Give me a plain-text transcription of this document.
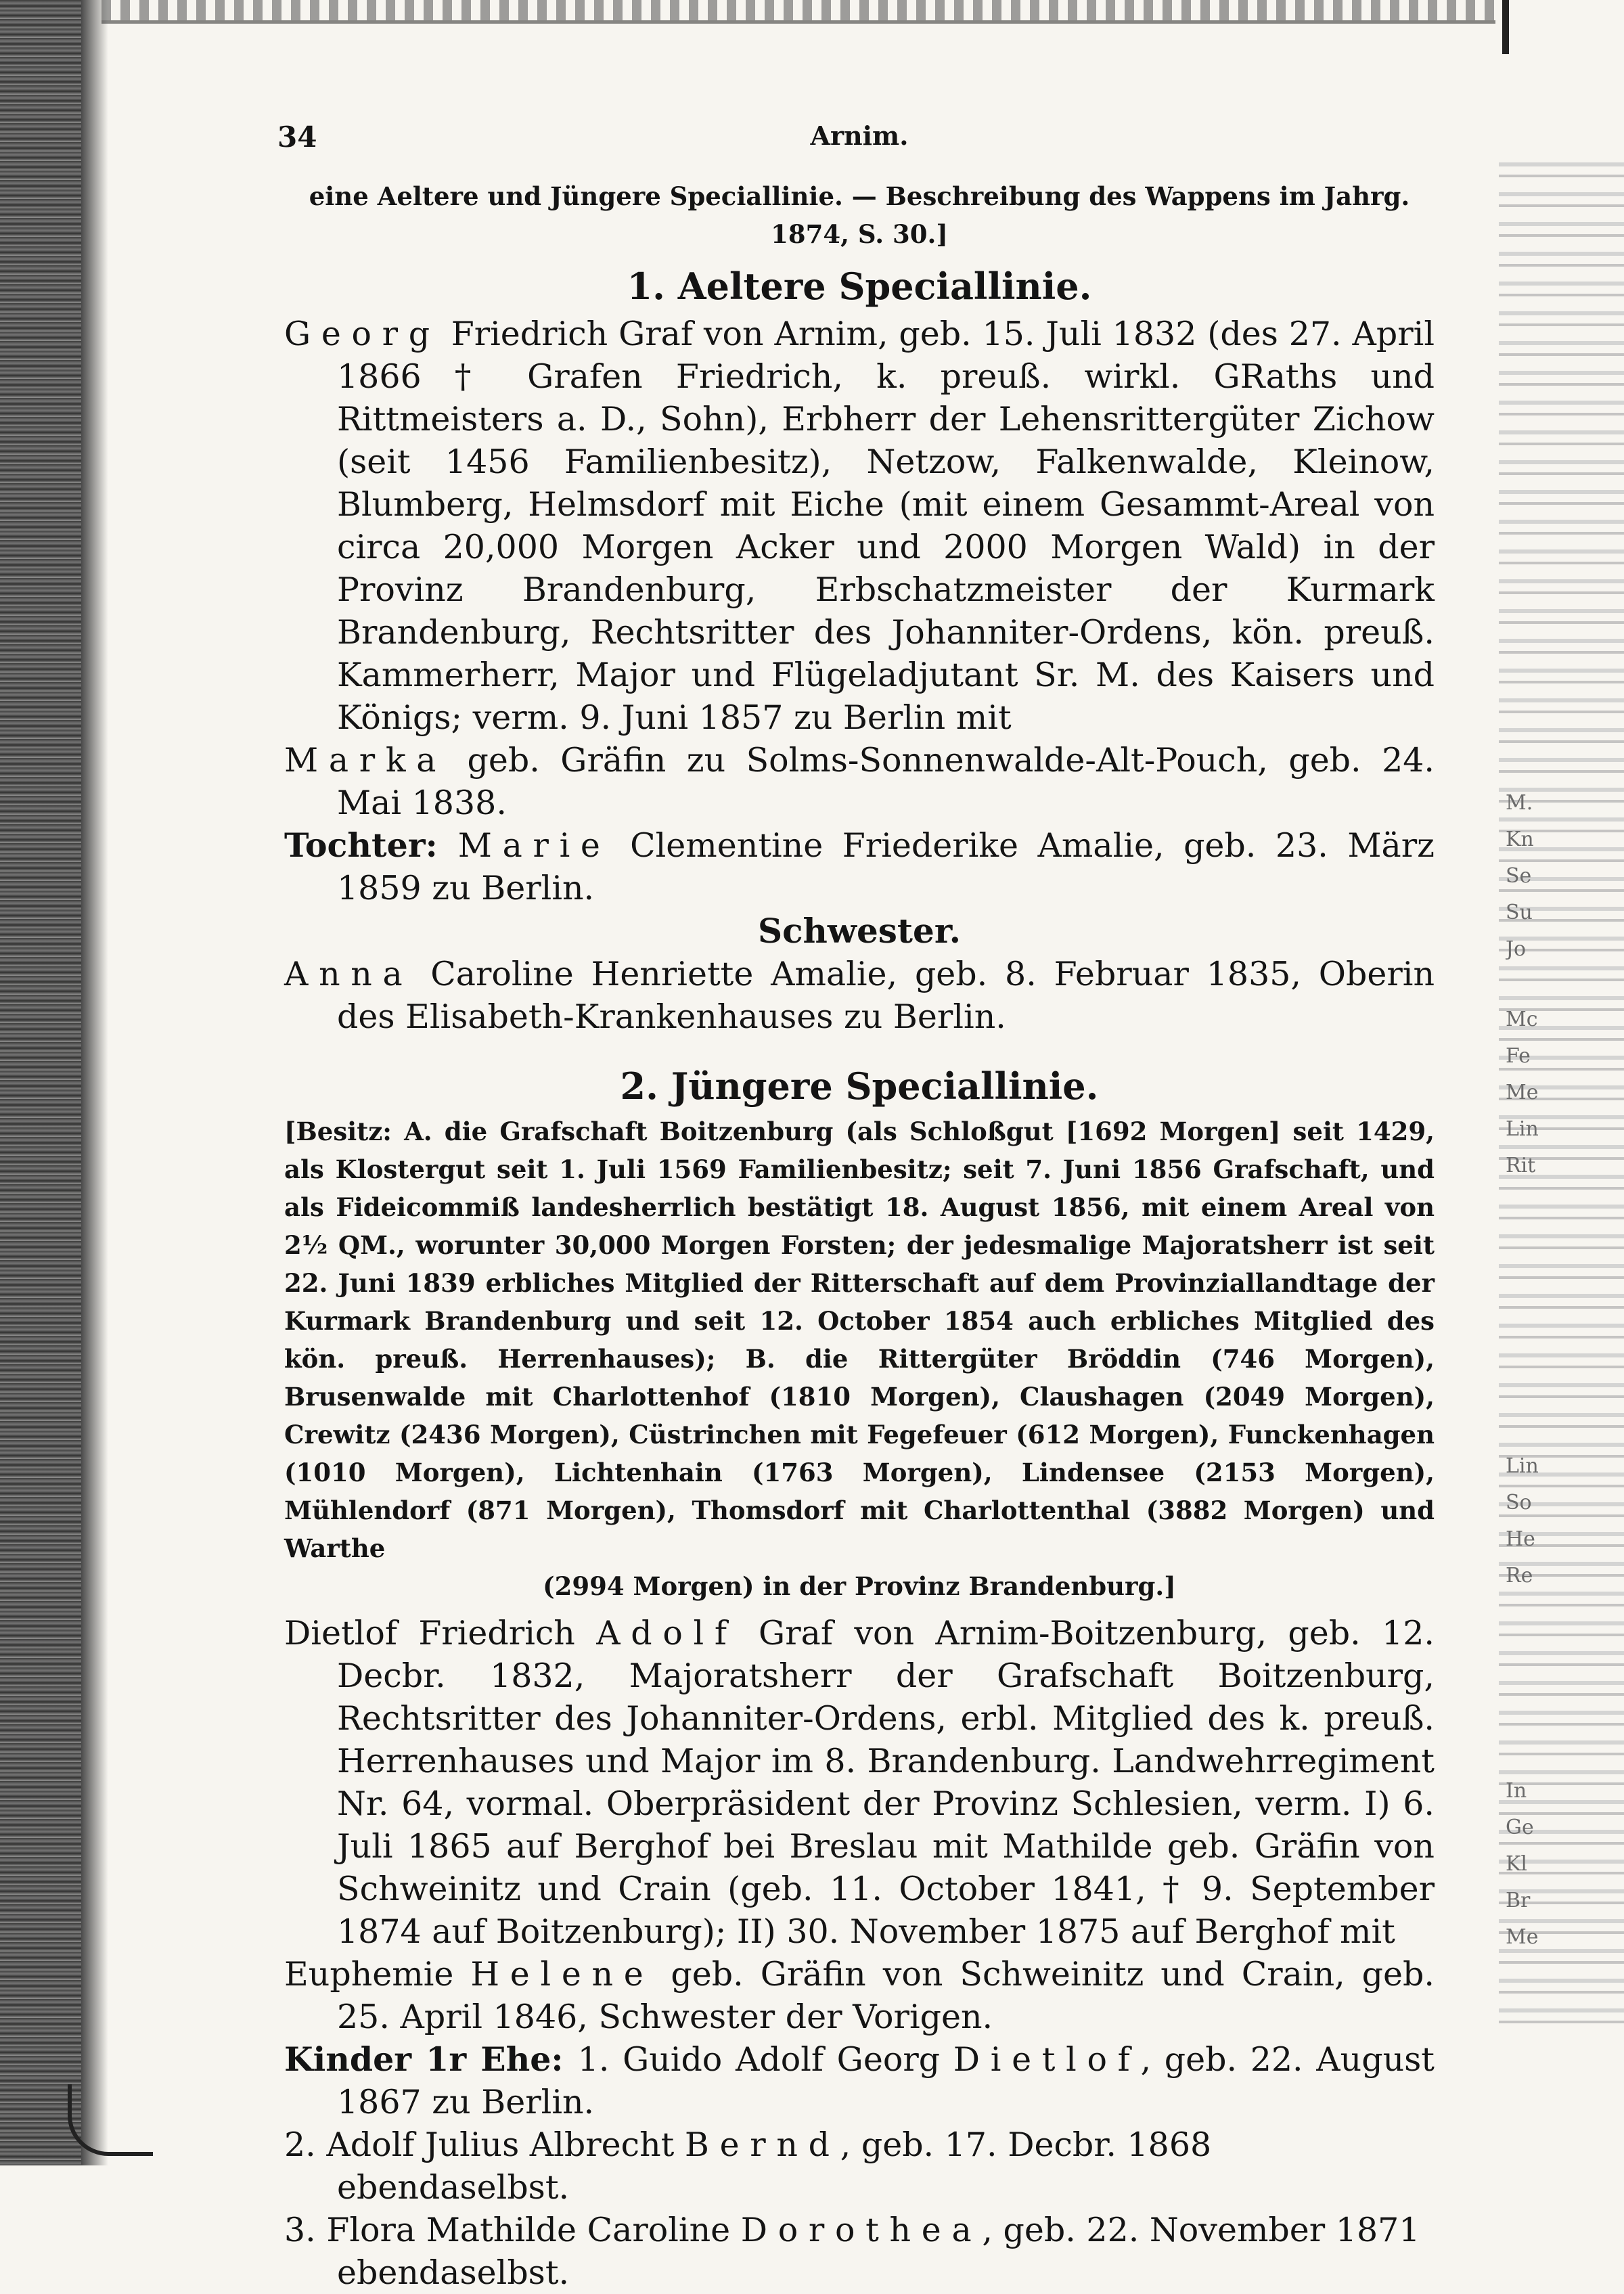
M.
Kn
Se
Su
Jo
Mc
Fe
Me
Lin
Rit
Lin
So
He
Re
In
Ge
Kl
Br
Me
34	Arnim.

eine Aeltere und Jüngere Speciallinie. — Beschreibung des Wappens im Jahrg.

1874, S. 30.]

1. Aeltere Speciallinie.

Georg Friedrich Graf von Arnim, geb. 15. Juli 1832 (des 27. April 1866 † Grafen Friedrich, k. preuß. wirkl. GRaths und Rittmeisters a. D., Sohn), Erbherr der Lehensrittergüter Zichow (seit 1456 Familienbesitz), Netzow, Falkenwalde, Kleinow, Blumberg, Helmsdorf mit Eiche (mit einem Gesammt-Areal von circa 20,000 Morgen Acker und 2000 Morgen Wald) in der Provinz Brandenburg, Erbschatzmeister der Kurmark Brandenburg, Rechtsritter des Johanniter-Ordens, kön. preuß. Kammerherr, Major und Flügeladjutant Sr. M. des Kaisers und Königs; verm. 9. Juni 1857 zu Berlin mit

Marka geb. Gräfin zu Solms-Sonnenwalde-Alt-Pouch, geb. 24. Mai 1838.

Tochter: Marie Clementine Friederike Amalie, geb. 23. März 1859 zu Berlin.

Schwester.

Anna Caroline Henriette Amalie, geb. 8. Februar 1835, Oberin des Elisabeth-Krankenhauses zu Berlin.

2. Jüngere Speciallinie.

[Besitz: A. die Grafschaft Boitzenburg (als Schloßgut [1692 Morgen] seit 1429, als Klostergut seit 1. Juli 1569 Familienbesitz; seit 7. Juni 1856 Grafschaft, und als Fideicommiß landesherrlich bestätigt 18. August 1856, mit einem Areal von 2½ QM., worunter 30,000 Morgen Forsten; der jedesmalige Majoratsherr ist seit 22. Juni 1839 erbliches Mitglied der Ritterschaft auf dem Provinziallandtage der Kurmark Brandenburg und seit 12. October 1854 auch erbliches Mitglied des kön. preuß. Herrenhauses); B. die Rittergüter Bröddin (746 Morgen), Brusenwalde mit Charlottenhof (1810 Morgen), Claushagen (2049 Morgen), Crewitz (2436 Morgen), Cüstrinchen mit Fegefeuer (612 Morgen), Funckenhagen (1010 Morgen), Lichtenhain (1763 Morgen), Lindensee (2153 Morgen), Mühlendorf (871 Morgen), Thomsdorf mit Charlottenthal (3882 Morgen) und Warthe

(2994 Morgen) in der Provinz Brandenburg.]

Dietlof Friedrich Adolf Graf von Arnim-Boitzenburg, geb. 12. Decbr. 1832, Majoratsherr der Grafschaft Boitzenburg, Rechtsritter des Johanniter-Ordens, erbl. Mitglied des k. preuß. Herrenhauses und Major im 8. Brandenburg. Landwehrregiment Nr. 64, vormal. Oberpräsident der Provinz Schlesien, verm. I) 6. Juli 1865 auf Berghof bei Breslau mit Mathilde geb. Gräfin von Schweinitz und Crain (geb. 11. October 1841, † 9. September 1874 auf Boitzenburg); II) 30. November 1875 auf Berghof mit

Euphemie Helene geb. Gräfin von Schweinitz und Crain, geb. 25. April 1846, Schwester der Vorigen.

Kinder 1r Ehe: 1. Guido Adolf Georg Dietlof, geb. 22. August 1867 zu Berlin.

2. Adolf Julius Albrecht Bernd, geb. 17. Decbr. 1868 ebendaselbst.

3. Flora Mathilde Caroline Dorothea, geb. 22. November 1871 ebendaselbst.
